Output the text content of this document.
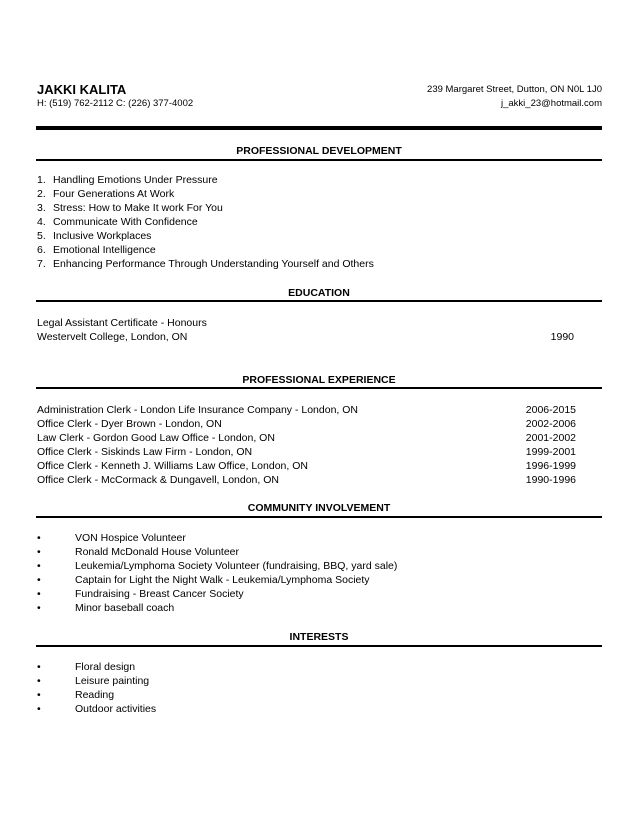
JAKKI KALITA	239 Margaret Street, Dutton, ON N0L 1J0
H: (519) 762-2112 C: (226) 377-4002	j_akki_23@hotmail.com
PROFESSIONAL DEVELOPMENT
1. Handling Emotions Under Pressure
2. Four Generations At Work
3. Stress: How to Make It work For You
4. Communicate With Confidence
5. Inclusive Workplaces
6. Emotional Intelligence
7. Enhancing Performance Through Understanding Yourself and Others
EDUCATION
Legal Assistant Certificate - Honours
Westervelt College, London, ON	1990
PROFESSIONAL EXPERIENCE
Administration Clerk - London Life Insurance Company - London, ON	2006-2015
Office Clerk - Dyer Brown - London, ON	2002-2006
Law Clerk - Gordon Good Law Office - London, ON	2001-2002
Office Clerk - Siskinds Law Firm - London, ON	1999-2001
Office Clerk - Kenneth J. Williams Law Office, London, ON	1996-1999
Office Clerk - McCormack & Dungavell, London, ON	1990-1996
COMMUNITY INVOLVEMENT
•	VON Hospice Volunteer
•	Ronald McDonald House Volunteer
•	Leukemia/Lymphoma Society Volunteer (fundraising, BBQ, yard sale)
•	Captain for Light the Night Walk - Leukemia/Lymphoma Society
•	Fundraising - Breast Cancer Society
•	Minor baseball coach
INTERESTS
•	Floral design
•	Leisure painting
•	Reading
•	Outdoor activities
